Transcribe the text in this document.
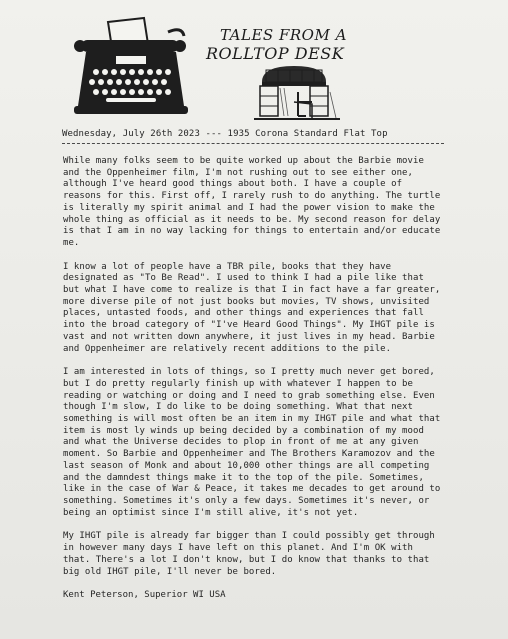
TALES FROM A
ROLLTOP DESK
Wednesday, July 26th 2023 --- 1935 Corona Standard Flat Top

While many folks seem to be quite worked up about the Barbie movie and the Oppenheimer film, I'm not rushing out to see either one, although I've heard good things about both. I have a couple of reasons for this. First off, I rarely rush to do anything. The turtle is literally my spirit animal and I had the power vision to make the whole thing as official as it needs to be. My second reason for delay is that I am in no way lacking for things to entertain and/or educate me.

I know a lot of people have a TBR pile, books that they have designated as "To Be Read". I used to think I had a pile like that but what I have come to realize is that I in fact have a far greater, more diverse pile of not just books but movies, TV shows, unvisited places, untasted foods, and other things and experiences that fall into the broad category of "I've Heard Good Things". My IHGT pile is vast and not written down anywhere, it just lives in my head. Barbie and Oppenheimer are relatively recent additions to the pile.

I am interested in lots of things, so I pretty much never get bored, but I do pretty regularly finish up with whatever I happen to be reading or watching or doing and I need to grab something else. Even though I'm slow, I do like to be doing something. What that next something is will most often be an item in my IHGT pile and what that item is most ly winds up being decided by a combination of my mood and what the Universe decides to plop in front of me at any given moment. So Barbie and Oppenheimer and The Brothers Karamozov and the last season of Monk and about 10,000 other things are all competing and the damndest things make it to the top of the pile. Sometimes, like in the case of War & Peace, it takes me decades to get around to something. Sometimes it's only a few days. Sometimes it's never, or being an optimist since I'm still alive, it's not yet.

My IHGT pile is already far bigger than I could possibly get through in however many days I have left on this planet. And I'm OK with that. There's a lot I don't know, but I do know that thanks to that big old IHGT pile, I'll never be bored.

Kent Peterson, Superior WI USA
